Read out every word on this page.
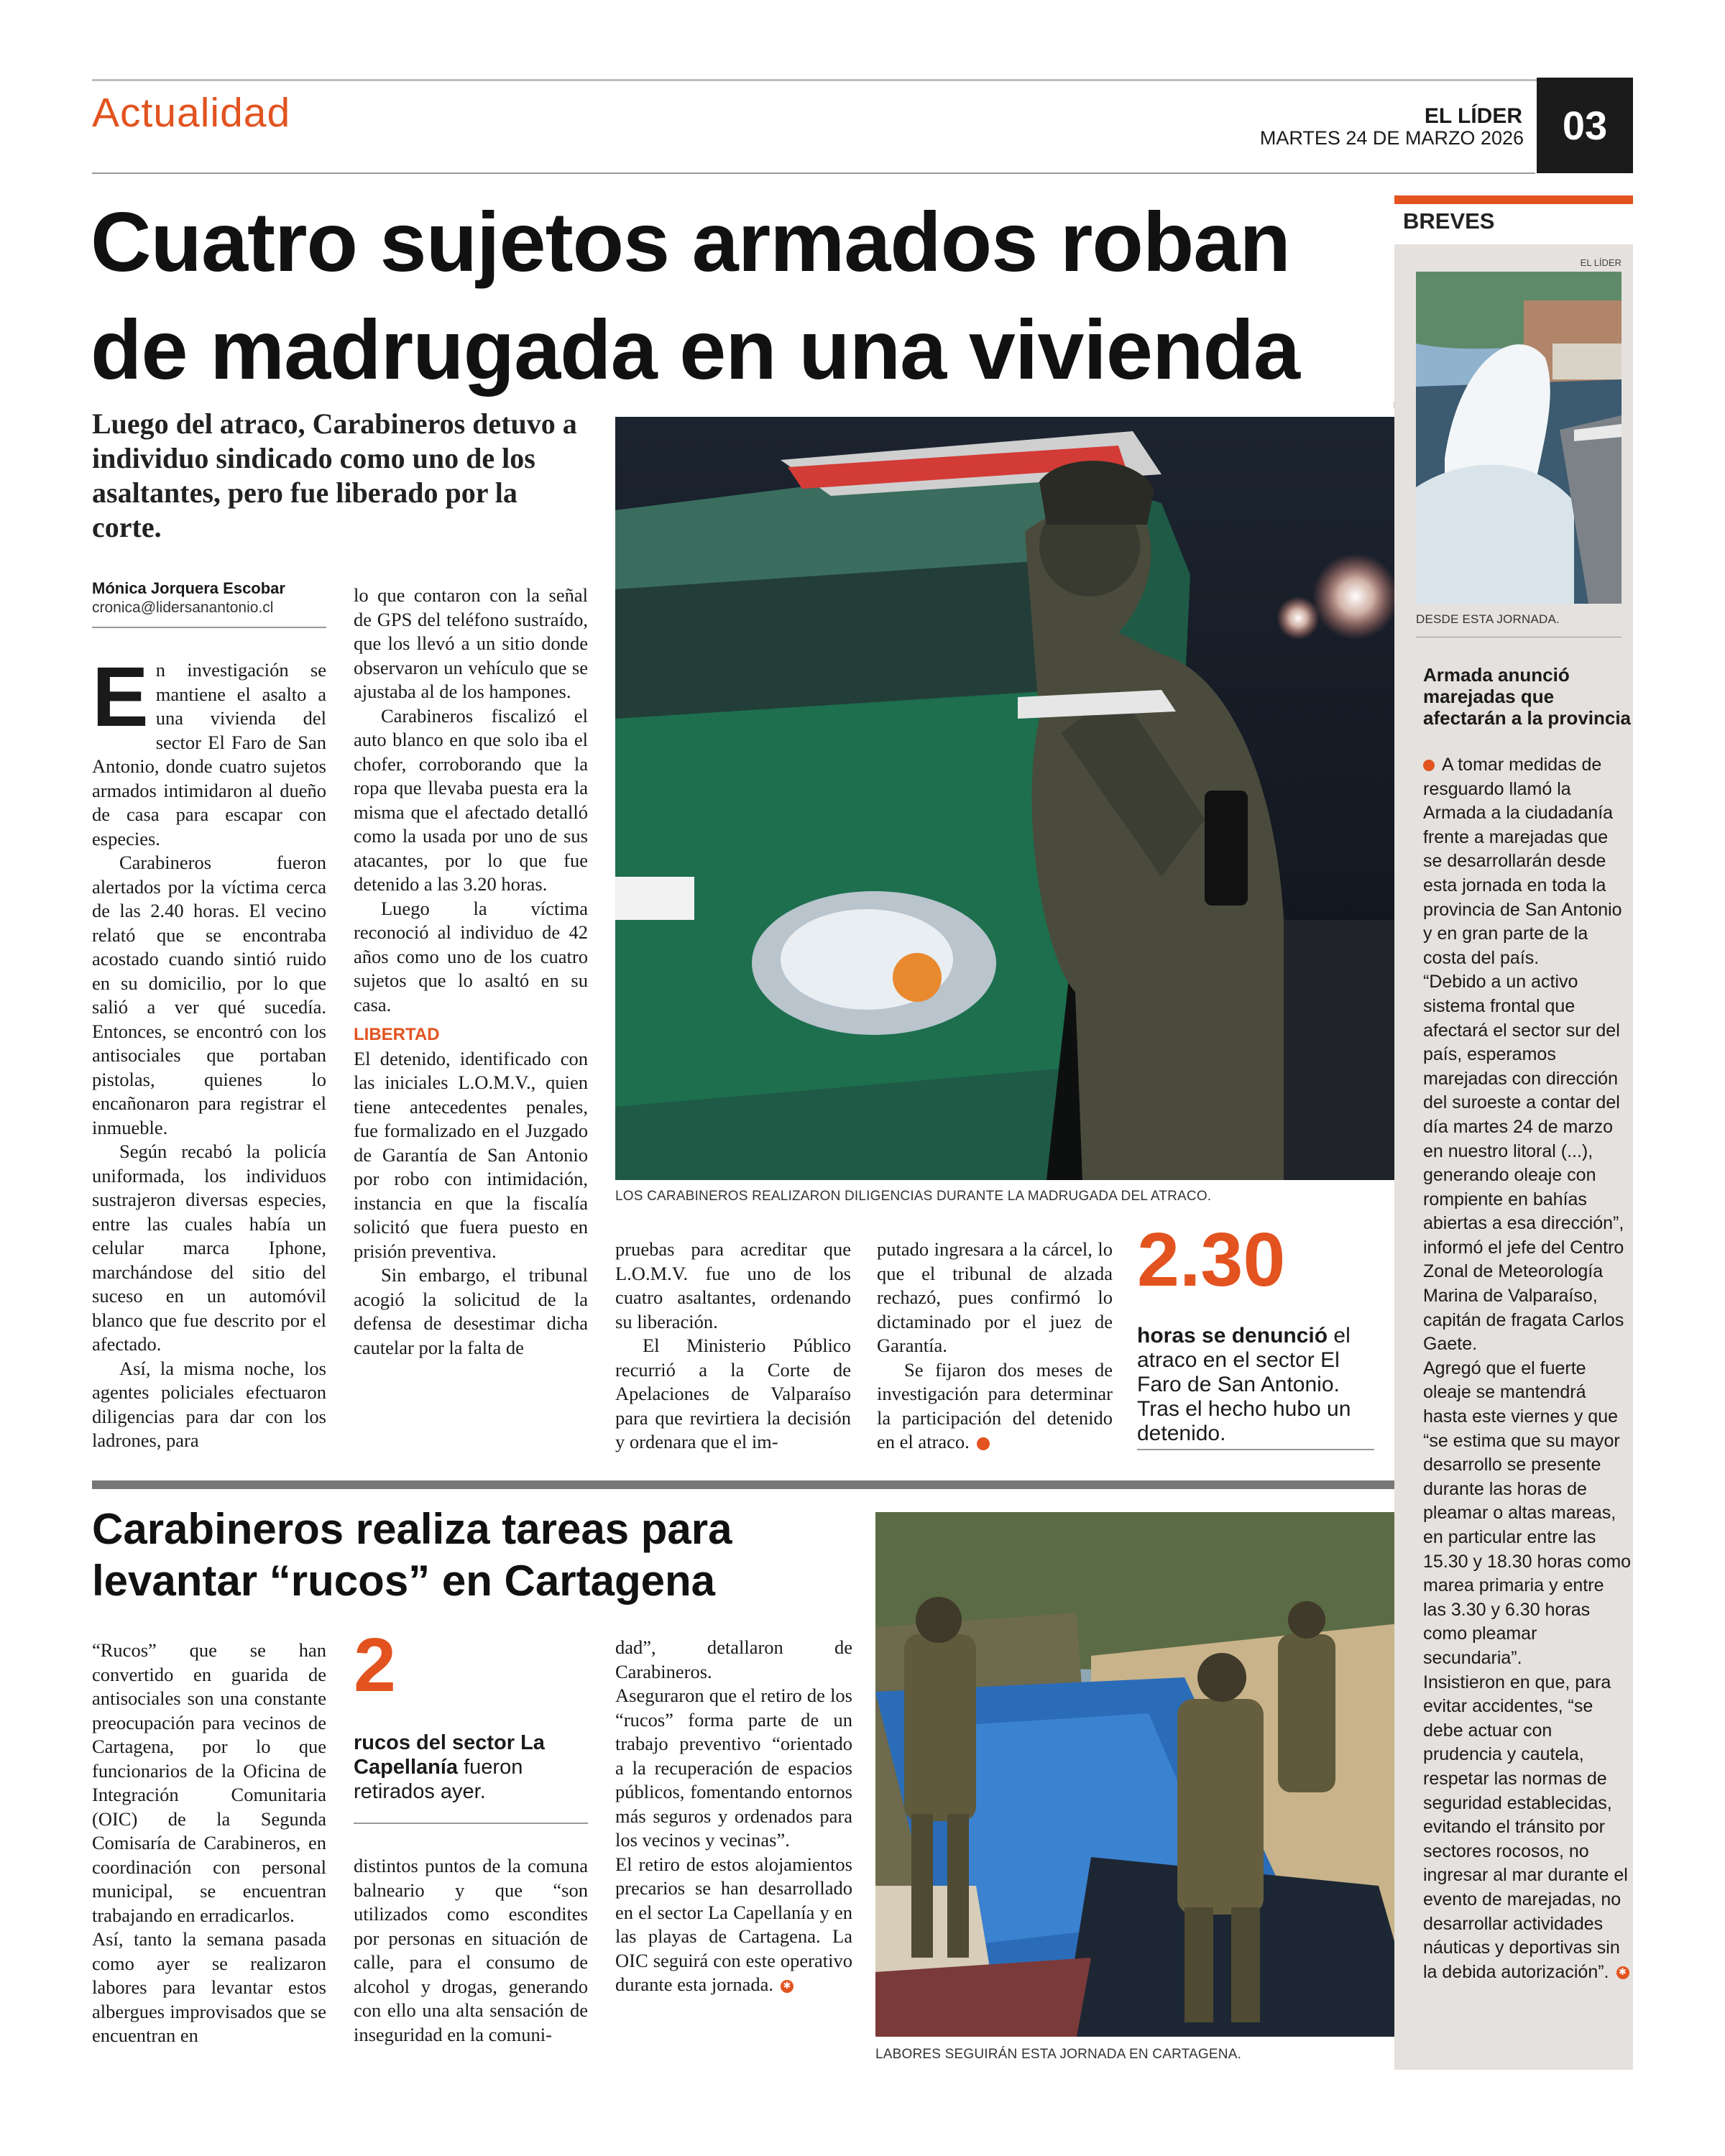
Actualidad	EL LÍDER
MARTES 24 DE MARZO 2026 03
Cuatro sujetos armados roban
de madrugada en una vivienda
Luego del atraco, Carabineros detuvo a individuo sindicado como uno de los asaltantes, pero fue liberado por la corte.
Mónica Jorquera Escobar
cronica@lidersanantonio.cl
E n investigación se mantiene el asalto a una vivienda del sector El Faro de San Antonio, donde cuatro sujetos armados intimidaron al dueño de casa para escapar con especies.

Carabineros fueron alertados por la víctima cerca de las 2.40 horas. El vecino relató que se encontraba acostado cuando sintió ruido en su domicilio, por lo que salió a ver qué sucedía. Entonces, se encontró con los antisociales que portaban pistolas, quienes lo encañonaron para registrar el inmueble.

Según recabó la policía uniformada, los individuos sustrajeron diversas especies, entre las cuales había un celular marca Iphone, marchándose del sitio del suceso en un automóvil blanco que fue descrito por el afectado.

Así, la misma noche, los agentes policiales efectuaron diligencias para dar con los ladrones, para

lo que contaron con la señal de GPS del teléfono sustraído, que los llevó a un sitio donde observaron un vehículo que se ajustaba al de los hampones.

Carabineros fiscalizó el auto blanco en que solo iba el chofer, corroborando que la ropa que llevaba puesta era la misma que el afectado detalló como la usada por uno de sus atacantes, por lo que fue detenido a las 3.20 horas.

Luego la víctima reconoció al individuo de 42 años como uno de los cuatro sujetos que lo asaltó en su casa.

LIBERTAD

El detenido, identificado con las iniciales L.O.M.V., quien tiene antecedentes penales, fue formalizado en el Juzgado de Garantía de San Antonio por robo con intimidación, instancia en que la fiscalía solicitó que fuera puesto en prisión preventiva.

Sin embargo, el tribunal acogió la solicitud de la defensa de desestimar dicha cautelar por la falta de

LOS CARABINEROS REALIZARON DILIGENCIAS DURANTE LA MADRUGADA DEL ATRACO.

pruebas para acreditar que L.O.M.V. fue uno de los cuatro asaltantes, ordenando su liberación.

El Ministerio Público recurrió a la Corte de Apelaciones de Valparaíso para que revirtiera la decisión y ordenara que el im-

putado ingresara a la cárcel, lo que el tribunal de alzada rechazó, pues confirmó lo dictaminado por el juez de Garantía.

Se fijaron dos meses de investigación para determinar la participación del detenido en el atraco.	✱

2.30
horas se denunció el atraco en el sector El Faro de San Antonio. Tras el hecho hubo un detenido.
Carabineros realiza tareas para
levantar “rucos” en Cartagena

“Rucos” que se han convertido en guarida de antisociales son una constante preocupación para vecinos de Cartagena, por lo que funcionarios de la Oficina de Integración Comunitaria (OIC) de la Segunda Comisaría de Carabineros, en coordinación con personal municipal, se encuentran trabajando en erradicarlos.

Así, tanto la semana pasada como ayer se realizaron labores para levantar estos albergues improvisados que se encuentran en

2
rucos del sector La Capellanía fueron retirados ayer.

distintos puntos de la comuna balneario y que “son utilizados como escondites por personas en situación de calle, para el consumo de alcohol y drogas, generando con ello una alta sensación de inseguridad en la comuni-

dad”, detallaron de Carabineros.

Aseguraron que el retiro de los “rucos” forma parte de un trabajo preventivo “orientado a la recuperación de espacios públicos, fomentando entornos más seguros y ordenados para los vecinos y vecinas”.

El retiro de estos alojamientos precarios se han desarrollado en el sector La Capellanía y en las playas de Cartagena. La OIC seguirá con este operativo durante esta jornada. ✱

LABORES SEGUIRÁN ESTA JORNADA EN CARTAGENA.
BREVES
EL LÍDER
DESDE ESTA JORNADA.
Armada anunció marejadas que afectarán a la provincia
A tomar medidas de resguardo llamó la Armada a la ciudadanía frente a marejadas que se desarrollarán desde esta jornada en toda la provincia de San Antonio y en gran parte de la costa del país.
“Debido a un activo sistema frontal que afectará el sector sur del país, esperamos marejadas con dirección del suroeste a contar del día martes 24 de marzo en nuestro litoral (...), generando oleaje con rompiente en bahías abiertas a esa dirección”, informó el jefe del Centro Zonal de Meteorología Marina de Valparaíso, capitán de fragata Carlos Gaete.
Agregó que el fuerte oleaje se mantendrá hasta este viernes y que “se estima que su mayor desarrollo se presente durante las horas de pleamar o altas mareas, en particular entre las 15.30 y 18.30 horas como marea primaria y entre las 3.30 y 6.30 horas como pleamar secundaria”.
Insistieron en que, para evitar accidentes, “se debe actuar con prudencia y cautela, respetar las normas de seguridad establecidas, evitando el tránsito por sectores rocosos, no ingresar al mar durante el evento de marejadas, no desarrollar actividades náuticas y deportivas sin la debida autorización”. ✱
